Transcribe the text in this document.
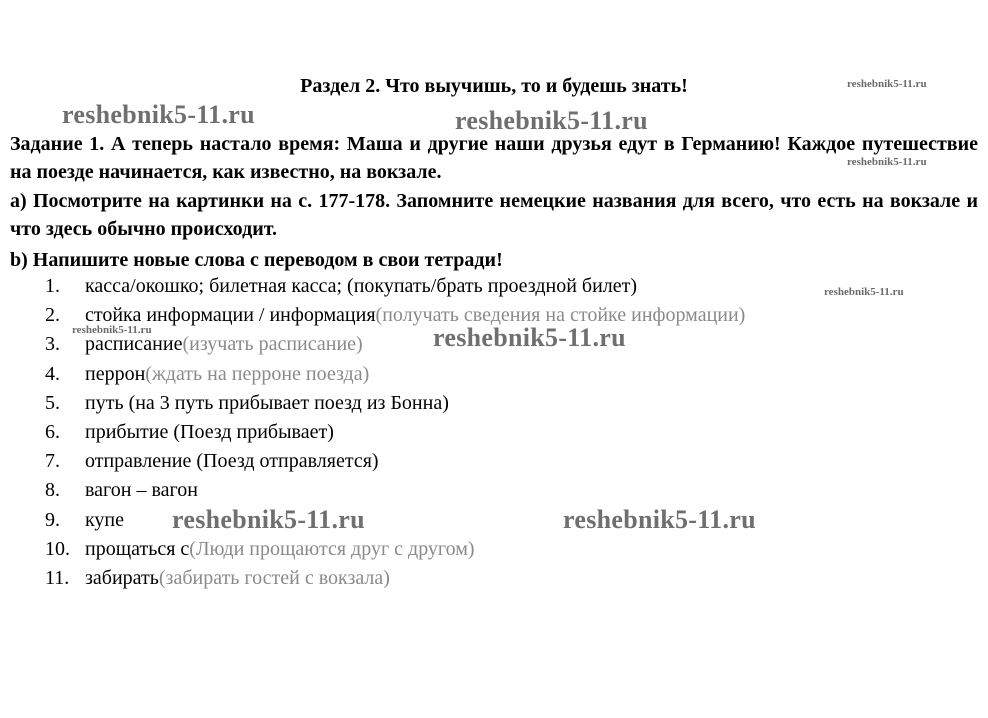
Раздел 2. Что выучишь, то и будешь знать!

Задание 1. А теперь настало время: Маша и другие наши друзья едут в Германию! Каждое путешествие на поезде начинается, как известно, на вокзале.

а) Посмотрите на картинки на с. 177-178. Запомните немецкие названия для всего, что есть на вокзале и что здесь обычно происходит.

b) Напишите новые слова с переводом в свои тетради!

1.	касса/окошко; билетная касса; (покупать/брать проездной билет)
2.	стойка информации / информация (получать сведения на стойке информации)
3.	расписание (изучать расписание)
4.	перрон (ждать на перроне поезда)
5.	путь (на 3 путь прибывает поезд из Бонна)
6.	прибытие (Поезд прибывает)
7.	отправление (Поезд отправляется)
8.	вагон – вагон
9.	купе
10. прощаться с (Люди прощаются друг с другом)
11. забирать (забирать гостей с вокзала)
reshebnik5-11.ru	reshebnik5-11.ru
reshebnik5-11.ru
reshebnik5-11.ru
reshebnik5-11.ru
reshebnik5-11.ru	reshebnik5-11.ru
reshebnik5-11.ru	reshebnik5-11.ru
